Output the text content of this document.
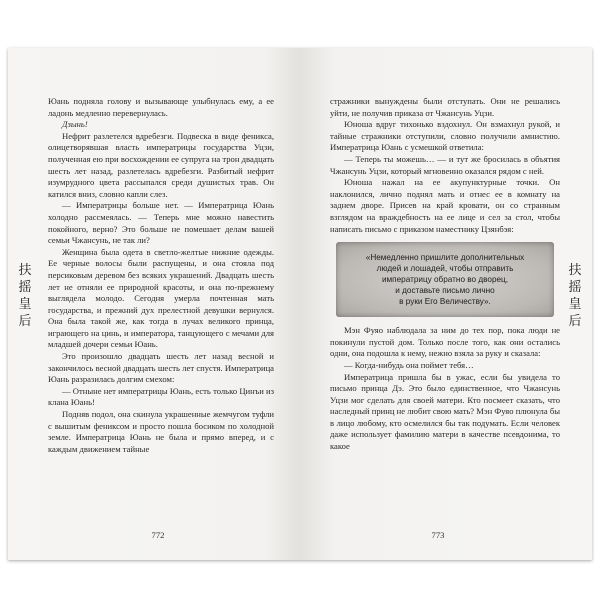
扶
摇
皇
后

Юань подняла голову и вызывающе улыбнулась ему, а ее ладонь медленно перевернулась.

Дзынь!

Нефрит разлетелся вдребезги. Подвеска в виде феникса, олицетворявшая власть императрицы государства Уцзи, полученная ею при восхождении ее супруга на трон двадцать шесть лет назад, разлетелась вдребезги. Разбитый нефрит изумрудного цвета рассыпался среди душистых трав. Он катился вниз, словно капли слез.

— Императрицы больше нет. — Императрица Юань холодно рассмеялась. — Теперь мне можно навестить покойного, верно? Это больше не помешает делам вашей семьи Чжансунь, не так ли?

Женщина была одета в светло-желтые нижние одежды. Ее черные волосы были распущены, и она стояла под персиковым деревом без всяких украшений. Двадцать шесть лет не отняли ее природной красоты, и она по-прежнему выглядела молодо. Сегодня умерла почтенная мать государства, и прежний дух прелестной девушки вернулся. Она была такой же, как тогда в лучах великого принца, играющего на цинь, и императора, танцующего с мечами для младшей дочери семьи Юань.

Это произошло двадцать шесть лет назад весной и закончилось весной двадцать шесть лет спустя. Императрица Юань разразилась долгим смехом:

— Отныне нет императрицы Юань, есть только Цинъи из клана Юань!

Подняв подол, она скинула украшенные жемчугом туфли с вышитым фениксом и просто пошла босиком по холодной земле. Императрица Юань не была и прямо вперед, и с каждым движением тайные

772

стражники вынуждены были отступать. Они не решались уйти, не получив приказа от Чжансунь Уцзи.

Юноша вдруг тихонько вздохнул. Он взмахнул рукой, и тайные стражники отступили, словно получили амнистию. Императрица Юань с усмешкой ответила:

— Теперь ты можешь… — и тут же бросилась в объятия Чжансунь Уцзи, который мгновенно оказался рядом с ней.

Юноша нажал на ее акупунктурные точки. Он наклонился, лично поднял мать и отнес ее в комнату на заднем дворе. Присев на край кровати, он со странным взглядом на враждебность на ее лице и сел за стол, чтобы написать письмо с приказом наместнику Цзянбэя:

«Немедленно пришлите дополнительных

людей и лошадей, чтобы отправить

императрицу обратно во дворец,

и доставьте письмо лично

в руки Его Величеству».

Мэн Фуяо наблюдала за ним до тех пор, пока люди не покинули пустой дом. Только после того, как они остались одни, она подошла к нему, нежно взяла за руку и сказала:

— Когда-нибудь она поймет тебя…

Императрица пришла бы в ужас, если бы увидела то письмо принца Дэ. Это было единственное, что Чжансунь Уцзи мог сделать для своей матери. Кто посмеет сказать, что наследный принц не любит свою мать? Мэн Фуяо плюнула бы в лицо любому, кто осмелился бы так подумать. Если человек даже использует фамилию матери в качестве псевдонима, то какое

扶
摇
皇
后
773
